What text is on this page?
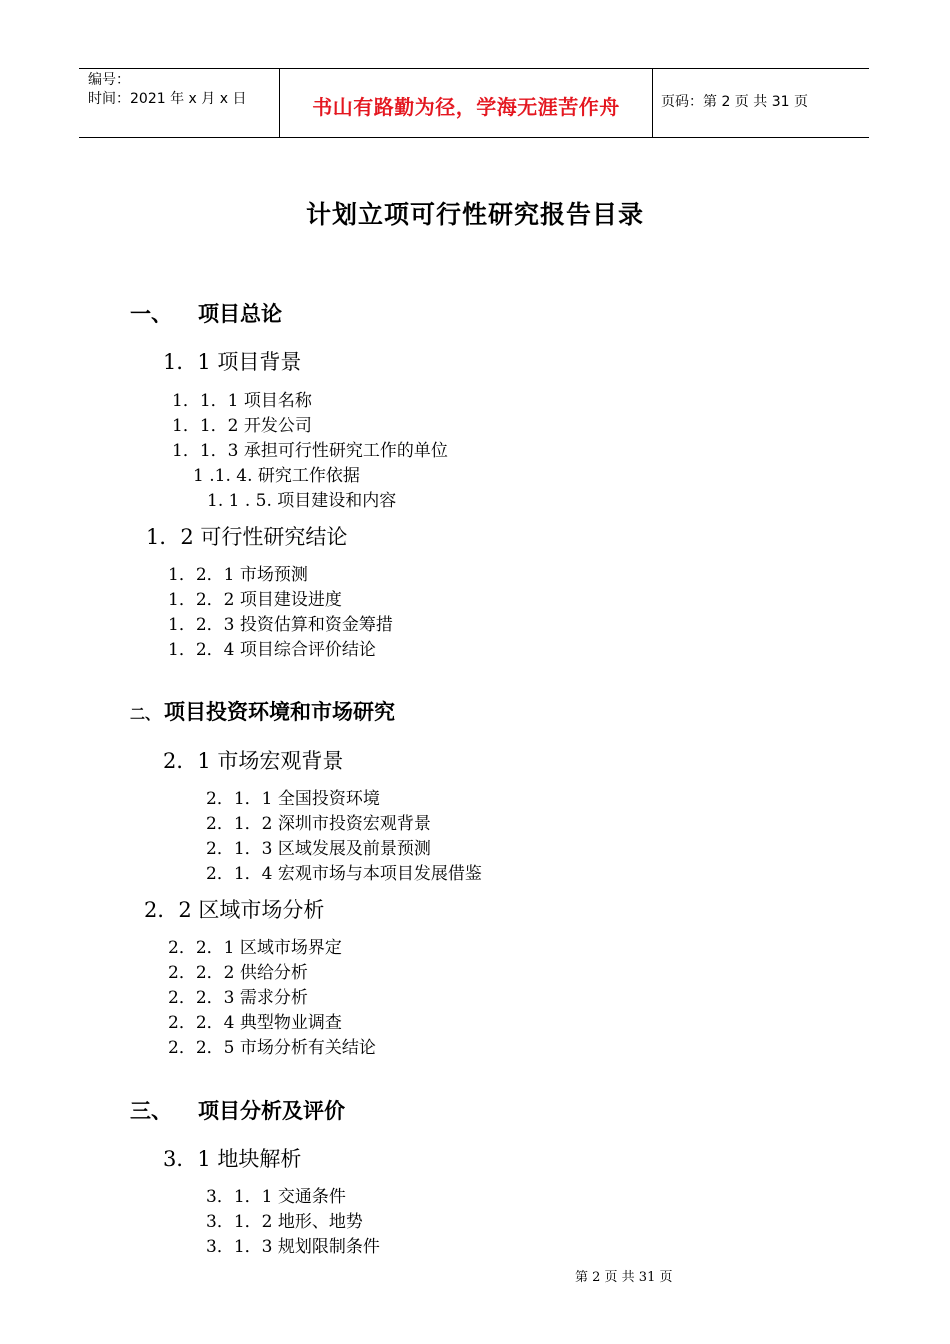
编号：
时间：2021 年 x 月 x 日	书山有路勤为径，学海无涯苦作舟	页码：第 2 页 共 31 页
计划立项可行性研究报告目录
一、 项目总论
1．1 项目背景
1．1．1 项目名称
1．1．2 开发公司
1．1．3 承担可行性研究工作的单位
1 .1. 4. 研究工作依据
1. 1 . 5. 项目建设和内容
1．2 可行性研究结论
1．2．1 市场预测
1．2．2 项目建设进度
1．2．3 投资估算和资金筹措
1．2．4 项目综合评价结论
二、 项目投资环境和市场研究
2．1 市场宏观背景
2．1．1 全国投资环境
2．1．2 深圳市投资宏观背景
2．1．3 区域发展及前景预测
2．1．4 宏观市场与本项目发展借鉴
2．2 区域市场分析
2．2．1 区域市场界定
2．2．2 供给分析
2．2．3 需求分析
2．2．4 典型物业调查
2．2．5 市场分析有关结论
三、 项目分析及评价
3．1 地块解析
3．1．1 交通条件
3．1．2 地形、地势
3．1．3 规划限制条件
第 2 页 共 31 页
